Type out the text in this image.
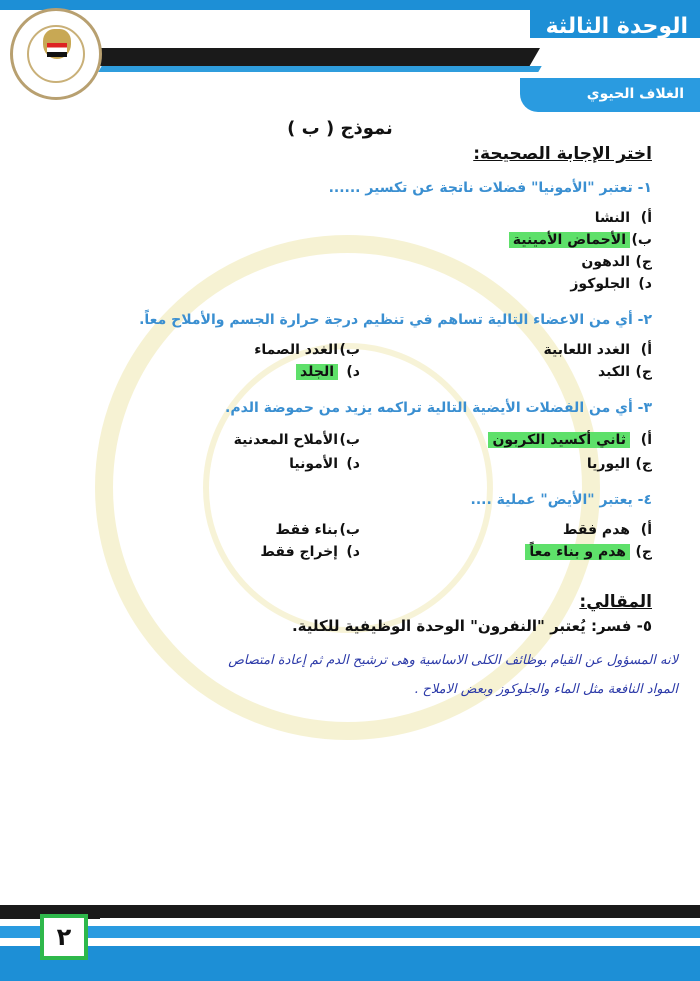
الوحدة الثالثة
الغلاف الحيوي
نموذج ( ب )
اختر الإجابة الصحيحة:
١- تعتبر "الأمونيا" فضلات ناتجة عن تكسير ......
أ)النشا
ب)الأحماض الأمينية
ج)الدهون
د)الجلوكوز
٢- أي من الاعضاء التالية تساهم في تنظيم درجة حرارة الجسم والأملاح معاً.
أ)الغدد اللعابية
ب)الغدد الصماء
ج)الكبد
د)الجلد
٣- أي من الفضلات الأيضية التالية تراكمه يزيد من حموضة الدم.
أ)ثاني أكسيد الكربون
ب)الأملاح المعدنية
ج)اليوريا
د)الأمونيا
٤- يعتبر "الأيض" عملية ....
أ)هدم فقط
ب)بناء فقط
ج)هدم و بناء معاً
د)إخراج فقط
المقالي:
٥- فسر: يُعتبر "النفرون" الوحدة الوظيفية للكلية.
لانه المسؤول عن القيام بوظائف الكلى الاساسية وهى ترشيح الدم ثم إعادة امتصاص
المواد النافعة مثل الماء والجلوكوز وبعض الاملاح .
٢
